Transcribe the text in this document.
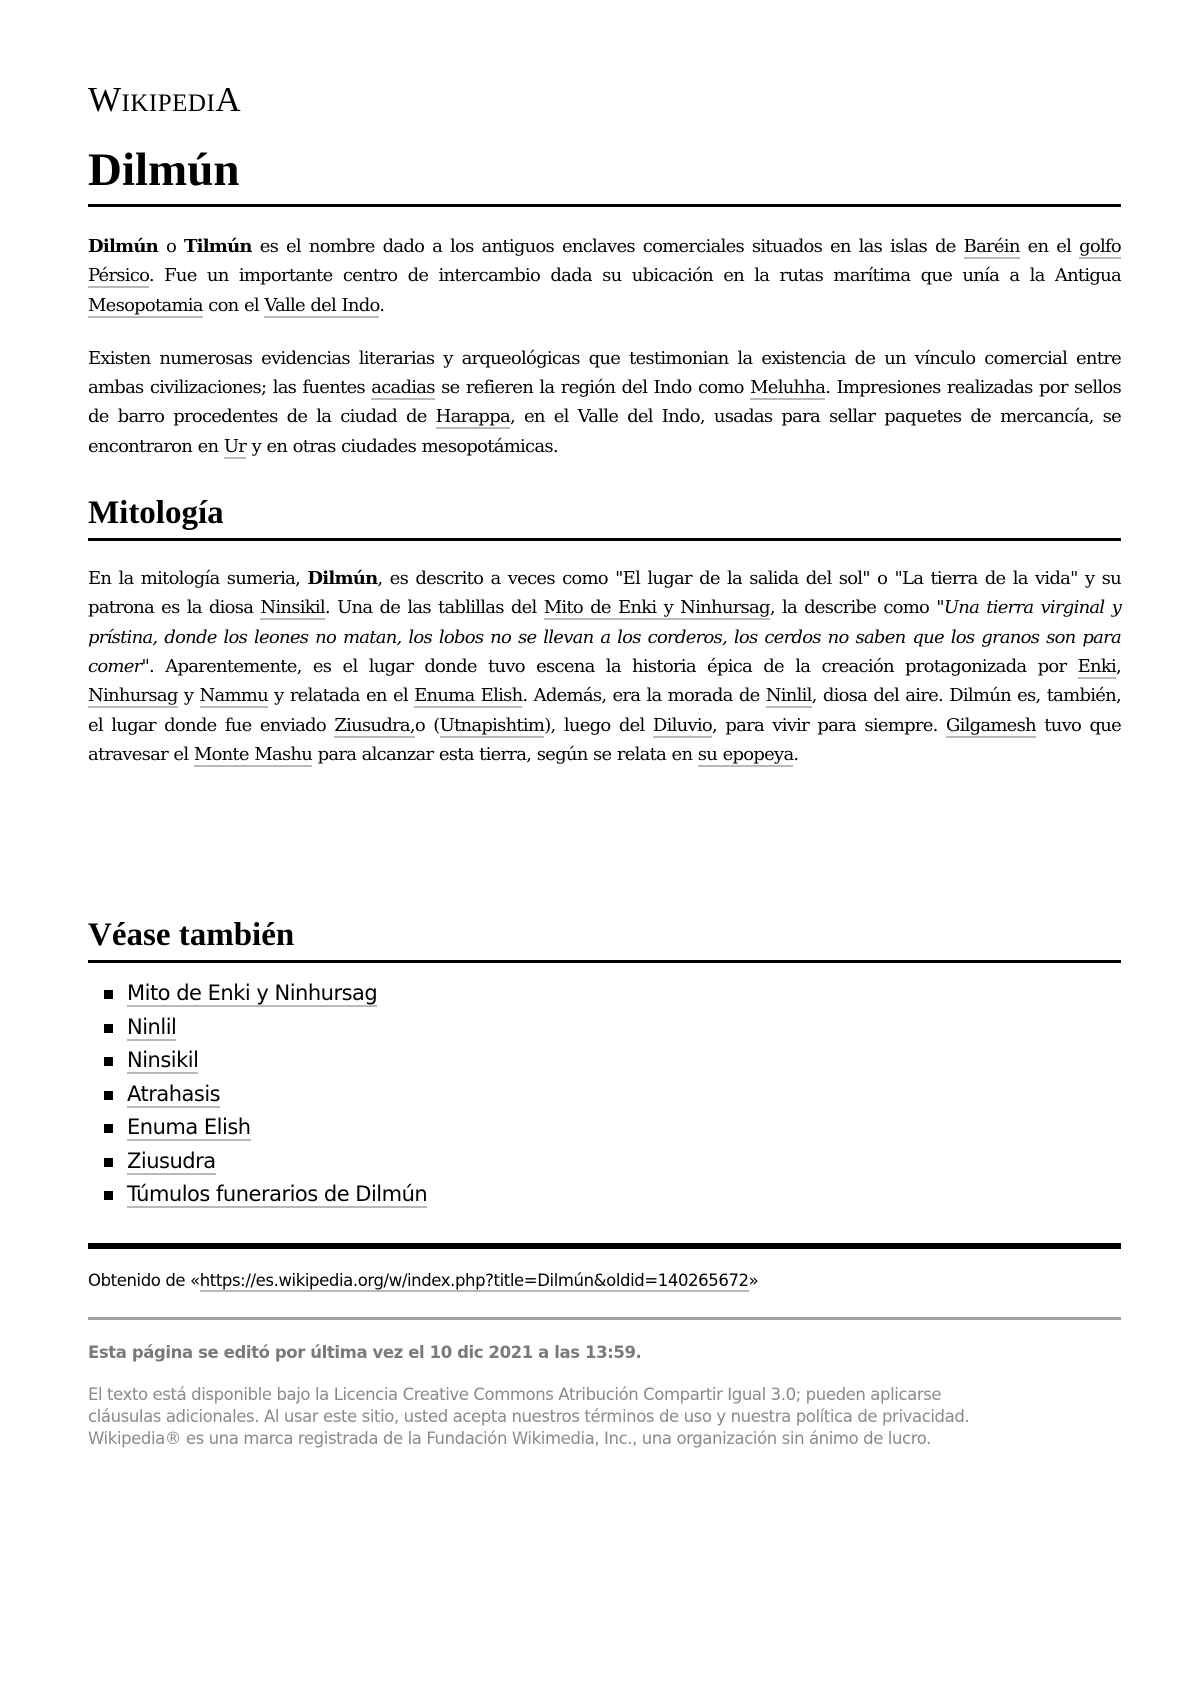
WikipediA
Dilmún

Dilmún o Tilmún es el nombre dado a los antiguos enclaves comerciales situados en las islas de Baréin en el golfo Pérsico. Fue un importante centro de intercambio dada su ubicación en la rutas marítima que unía a la Antigua Mesopotamia con el Valle del Indo.

Existen numerosas evidencias literarias y arqueológicas que testimonian la existencia de un vínculo comercial entre ambas civilizaciones; las fuentes acadias se refieren la región del Indo como Meluhha. Impresiones realizadas por sellos de barro procedentes de la ciudad de Harappa, en el Valle del Indo, usadas para sellar paquetes de mercancía, se encontraron en Ur y en otras ciudades mesopotámicas.

Mitología

En la mitología sumeria, Dilmún, es descrito a veces como "El lugar de la salida del sol" o "La tierra de la vida" y su patrona es la diosa Ninsikil. Una de las tablillas del Mito de Enki y Ninhursag, la describe como "Una tierra virginal y prístina, donde los leones no matan, los lobos no se llevan a los corderos, los cerdos no saben que los granos son para comer". Aparentemente, es el lugar donde tuvo escena la historia épica de la creación protagonizada por Enki, Ninhursag y Nammu y relatada en el Enuma Elish. Además, era la morada de Ninlil, diosa del aire. Dilmún es, también, el lugar donde fue enviado Ziusudra,o (Utnapishtim), luego del Diluvio, para vivir para siempre. Gilgamesh tuvo que atravesar el Monte Mashu para alcanzar esta tierra, según se relata en su epopeya.

Véase también
Mito de Enki y Ninhursag
Ninlil
Ninsikil
Atrahasis
Enuma Elish
Ziusudra
Túmulos funerarios de Dilmún
Obtenido de «https://es.wikipedia.org/w/index.php?title=Dilmún&oldid=140265672»
Esta página se editó por última vez el 10 dic 2021 a las 13:59.
El texto está disponible bajo la Licencia Creative Commons Atribución Compartir Igual 3.0; pueden aplicarse
cláusulas adicionales. Al usar este sitio, usted acepta nuestros términos de uso y nuestra política de privacidad.
Wikipedia® es una marca registrada de la Fundación Wikimedia, Inc., una organización sin ánimo de lucro.
